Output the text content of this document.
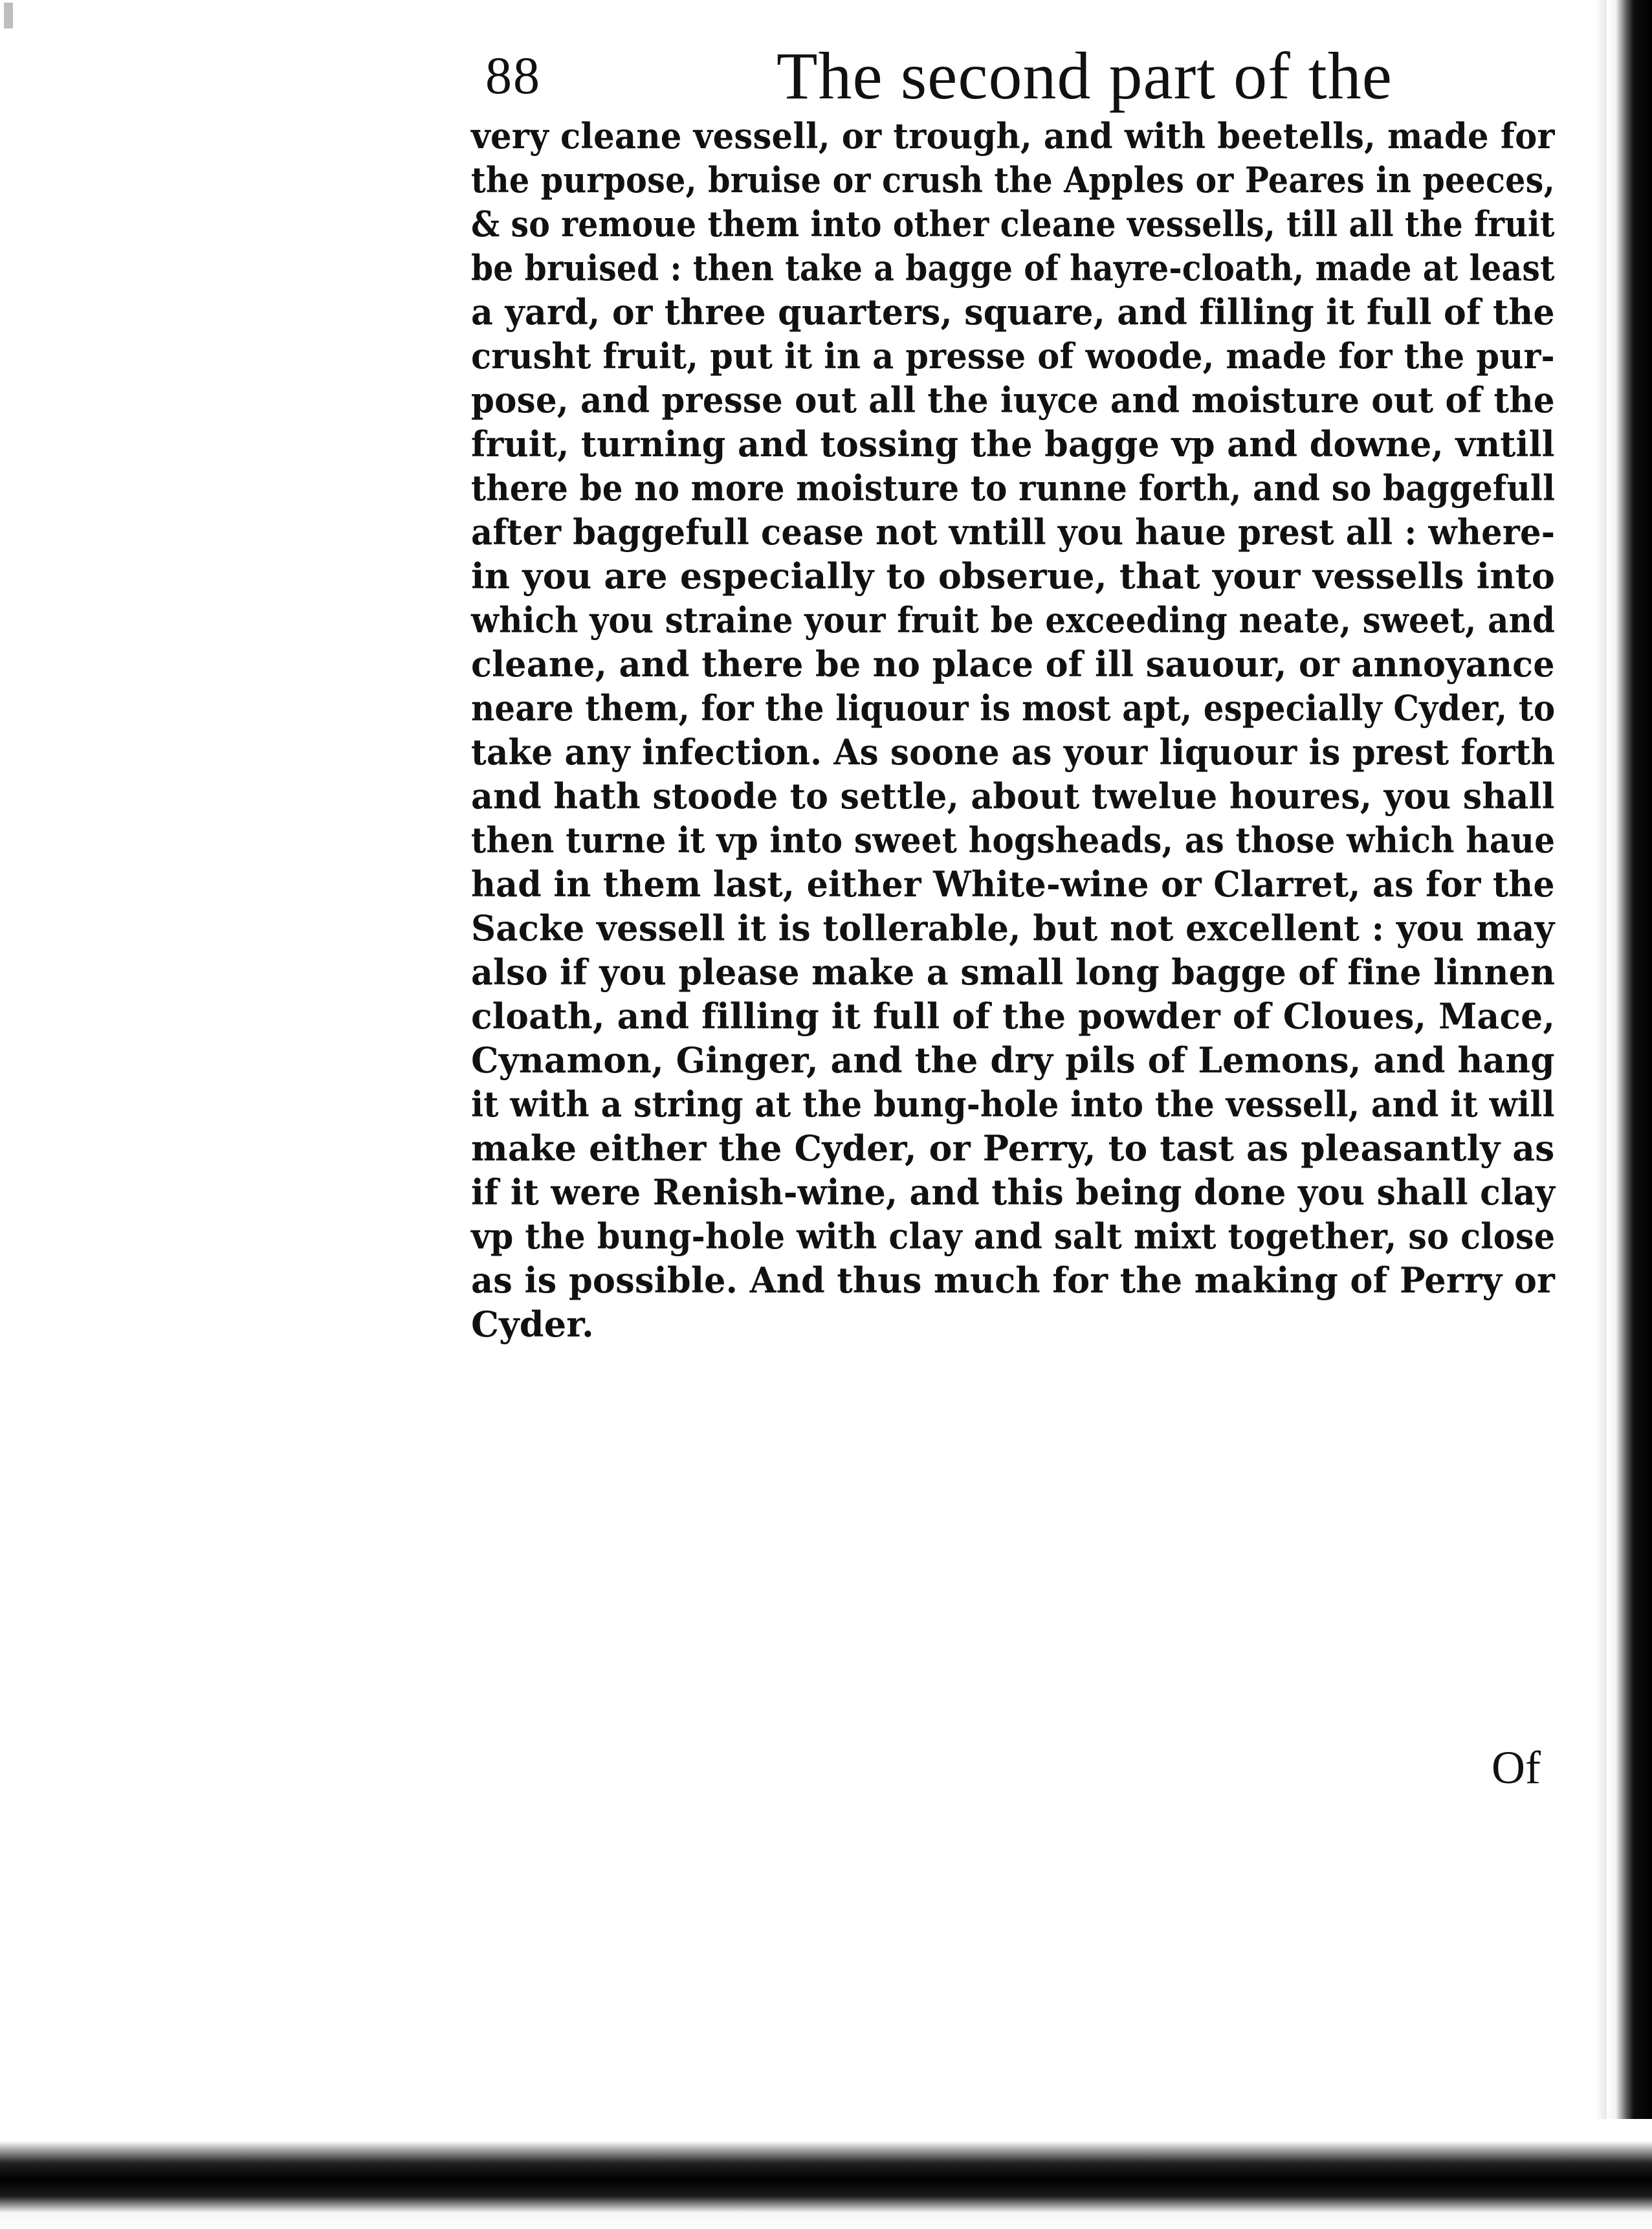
88	The second part of the
very cleane vessell, or trough, and with beetells, made for
the purpose, bruise or crush the Apples or Peares in peeces,
& so remoue them into other cleane vessells, till all the fruit
be bruised : then take a bagge of hayre-cloath, made at least
a yard, or three quarters, square, and filling it full of the
crusht fruit, put it in a presse of woode, made for the pur-
pose, and presse out all the iuyce and moisture out of the
fruit, turning and tossing the bagge vp and downe, vntill
there be no more moisture to runne forth, and so baggefull
after baggefull cease not vntill you haue prest all : where-
in you are especially to obserue, that your vessells into
which you straine your fruit be exceeding neate, sweet, and
cleane, and there be no place of ill sauour, or annoyance
neare them, for the liquour is most apt, especially Cyder, to
take any infection. As soone as your liquour is prest forth
and hath stoode to settle, about twelue houres, you shall
then turne it vp into sweet hogsheads, as those which haue
had in them last, either White-wine or Clarret, as for the
Sacke vessell it is tollerable, but not excellent : you may
also if you please make a small long bagge of fine linnen
cloath, and filling it full of the powder of Cloues, Mace,
Cynamon, Ginger, and the dry pils of Lemons, and hang
it with a string at the bung-hole into the vessell, and it will
make either the Cyder, or Perry, to tast as pleasantly as
if it were Renish-wine, and this being done you shall clay
vp the bung-hole with clay and salt mixt together, so close
as is possible. And thus much for the making of Perry or
Cyder.
Of
